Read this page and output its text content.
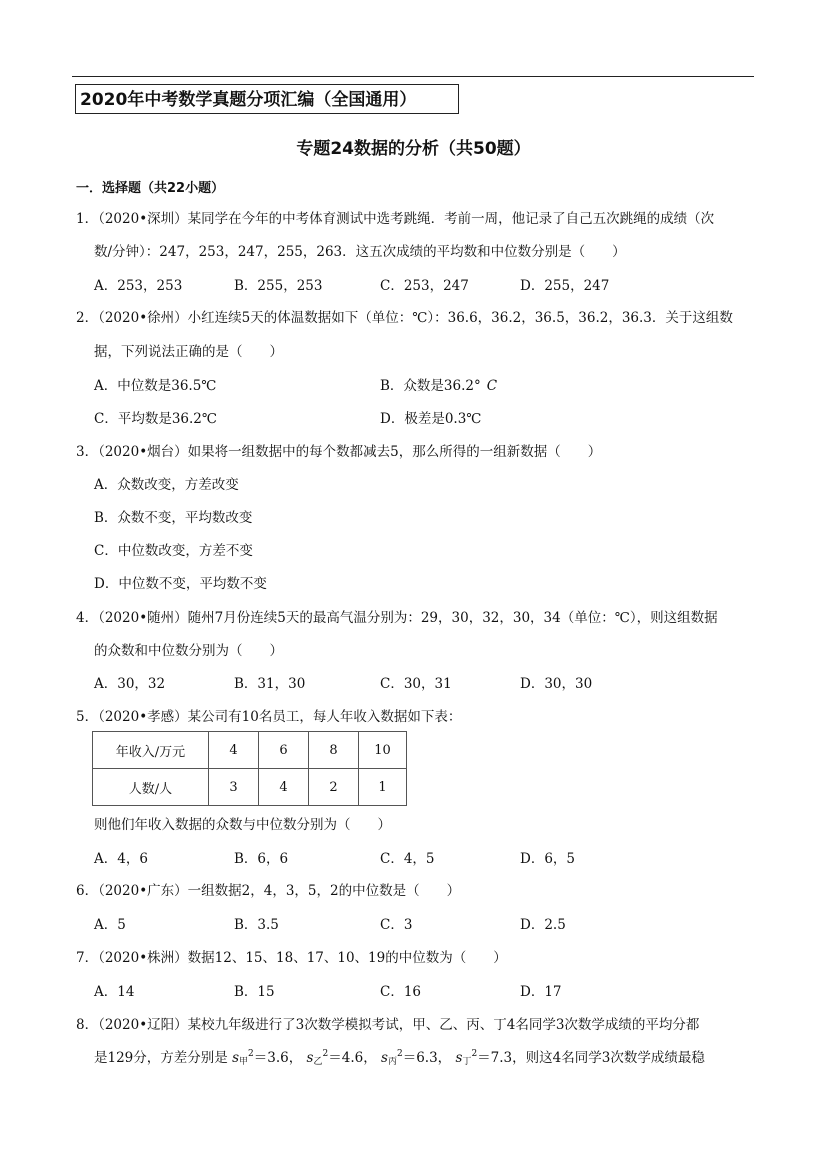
2020年中考数学真题分项汇编（全国通用）
专题24数据的分析（共50题）
一．选择题（共22小题）
1．（2020•深圳）某同学在今年的中考体育测试中选考跳绳．考前一周，他记录了自己五次跳绳的成绩（次
数/分钟）：247，253，247，255，263．这五次成绩的平均数和中位数分别是（　　）
A．253，253	B．255，253	C．253，247	D．255，247
2．（2020•徐州）小红连续5天的体温数据如下（单位：℃）：36.6，36.2，36.5，36.2，36.3．关于这组数
据，下列说法正确的是（　　）
A．中位数是36.5℃	B．众数是36.2° C
C．平均数是36.2℃	D．极差是0.3℃
3．（2020•烟台）如果将一组数据中的每个数都减去5，那么所得的一组新数据（　　）
A．众数改变，方差改变
B．众数不变，平均数改变
C．中位数改变，方差不变
D．中位数不变，平均数不变
4．（2020•随州）随州7月份连续5天的最高气温分别为：29，30，32，30，34（单位：℃），则这组数据
的众数和中位数分别为（　　）
A．30，32	B．31，30	C．30，31	D．30，30
5．（2020•孝感）某公司有10名员工，每人年收入数据如下表：
年收入/万元	4	6	8	10
人数/人	3	4	2	1
则他们年收入数据的众数与中位数分别为（　　）
A．4，6	B．6，6	C．4，5	D．6，5
6．（2020•广东）一组数据2，4，3，5，2的中位数是（　　）
A．5	B．3.5	C．3	D．2.5
7．（2020•株洲）数据12、15、18、17、10、19的中位数为（　　）
A．14	B．15	C．16	D．17
8．（2020•辽阳）某校九年级进行了3次数学模拟考试，甲、乙、丙、丁4名同学3次数学成绩的平均分都
是129分，方差分别是 $s_甲^2=3.6$， $s_乙^2=4.6$， $s_丙^2=6.3$， $s_丁^2=7.3$，则这4名同学3次数学成绩最稳
